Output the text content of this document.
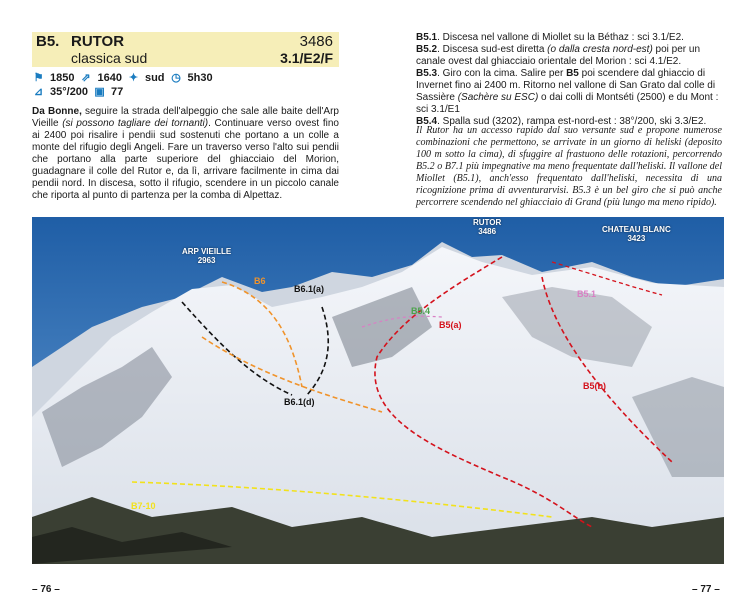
B5. RUTOR	3486
classica sud	3.1/E2/F
⚑ 1850 ⇗ 1640 ✦ sud ◷ 5h30
⊿ 35°/200 ▣ 77
Da Bonne, seguire la strada dell'alpeggio che sale alle baite dell'Arp Vieille (si possono tagliare dei tornanti). Continuare verso ovest fino ai 2400 poi risalire i pendii sud sostenuti che portano a un colle a monte del rifugio degli Angeli. Fare un traverso verso l'alto sui pendii che portano alla parte superiore del ghiacciaio del Morion, guadagnare il colle del Rutor e, da lì, arrivare facilmente in cima dai pendii nord. In discesa, sotto il rifugio, scendere in un piccolo canale che riporta al punto di partenza per la comba di Alpettaz.

B5.1. Discesa nel vallone di Miollet su la Béthaz : sci 3.1/E2.

B5.2. Discesa sud-est diretta (o dalla cresta nord-est) poi per un canale ovest dal ghiacciaio orientale del Morion : sci 4.1/E2.

B5.3. Giro con la cima. Salire per B5 poi scendere dal ghiaccio di Invernet fino ai 2400 m. Ritorno nel vallone di San Grato dal colle di Sassière (Sachère su ESC) o dai colli di Montséti (2500) e du Mont : sci 3.1/E1

B5.4. Spalla sud (3202), rampa est-nord-est : 38°/200, ski 3.3/E2.

Il Rutor ha un accesso rapido dal suo versante sud e propone numerose combinazioni che permettono, se arrivate in un giorno di heliski (deposito 100 m sotto la cima), di sfuggire al frastuono delle rotazioni, percorrendo B5.2 o B7.1 più impegnative ma meno frequentate dall'heliski. Il vallone del Miollet (B5.1), anch'esso frequentato dall'heliski, necessita di una ricognizione prima di avventurarvisi. B5.3 è un bel giro che si può anche percorrere scendendo nel ghiacciaio di Grand (più lungo ma meno ripido).
ARP VIEILLE
2963
RUTOR
3486	CHATEAU BLANC
3423
B6
B6.1(a)
B5.4
B5(a)
B5.1
B5(b)
B6.1(d)
B7-10
– 76 –	– 77 –
